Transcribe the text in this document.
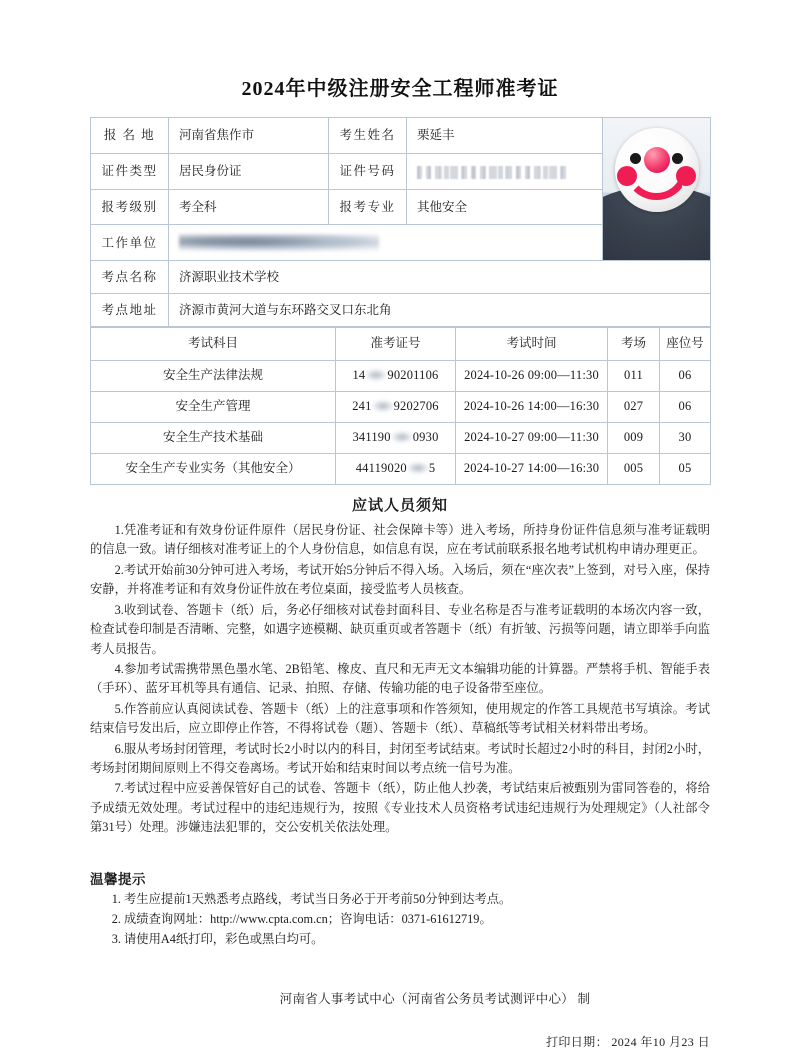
2024年中级注册安全工程师准考证
报 名 地	河南省焦作市	考生姓名	栗延丰	

证件类型	居民身份证	证件号码		
报考级别	考全科	报考专业	其他安全	
工作单位				
考点名称	济源职业技术学校			
考点地址	济源市黄河大道与东环路交叉口东北角			
考试科目	准考证号	考试时间	考场	座位号
安全生产法律法规	14 90201106	2024-10-26 09:00—11:30	011	06
安全生产管理	241 9202706	2024-10-26 14:00—16:30	027	06
安全生产技术基础	341190 0930	2024-10-27 09:00—11:30	009	30
安全生产专业实务（其他安全）	44119020 5	2024-10-27 14:00—16:30	005	05
应试人员须知

1.凭准考证和有效身份证件原件（居民身份证、社会保障卡等）进入考场，所持身份证件信息须与准考证载明的信息一致。请仔细核对准考证上的个人身份信息，如信息有误，应在考试前联系报名地考试机构申请办理更正。

2.考试开始前30分钟可进入考场，考试开始5分钟后不得入场。入场后，须在“座次表”上签到，对号入座，保持安静，并将准考证和有效身份证件放在考位桌面，接受监考人员核查。

3.收到试卷、答题卡（纸）后，务必仔细核对试卷封面科目、专业名称是否与准考证载明的本场次内容一致，检查试卷印制是否清晰、完整，如遇字迹模糊、缺页重页或者答题卡（纸）有折皱、污损等问题，请立即举手向监考人员报告。

4.参加考试需携带黑色墨水笔、2B铅笔、橡皮、直尺和无声无文本编辑功能的计算器。严禁将手机、智能手表（手环）、蓝牙耳机等具有通信、记录、拍照、存储、传输功能的电子设备带至座位。

5.作答前应认真阅读试卷、答题卡（纸）上的注意事项和作答须知，使用规定的作答工具规范书写填涂。考试结束信号发出后，应立即停止作答，不得将试卷（题）、答题卡（纸）、草稿纸等考试相关材料带出考场。

6.服从考场封闭管理，考试时长2小时以内的科目，封闭至考试结束。考试时长超过2小时的科目，封闭2小时，考场封闭期间原则上不得交卷离场。考试开始和结束时间以考点统一信号为准。

7.考试过程中应妥善保管好自己的试卷、答题卡（纸），防止他人抄袭，考试结束后被甄别为雷同答卷的，将给予成绩无效处理。考试过程中的违纪违规行为，按照《专业技术人员资格考试违纪违规行为处理规定》（人社部令第31号）处理。涉嫌违法犯罪的，交公安机关依法处理。

温馨提示
1. 考生应提前1天熟悉考点路线，考试当日务必于开考前50分钟到达考点。
2. 成绩查询网址：http://www.cpta.com.cn；咨询电话：0371-61612719。
3. 请使用A4纸打印，彩色或黑白均可。
河南省人事考试中心（河南省公务员考试测评中心） 制
打印日期： 2024 年10 月23 日
